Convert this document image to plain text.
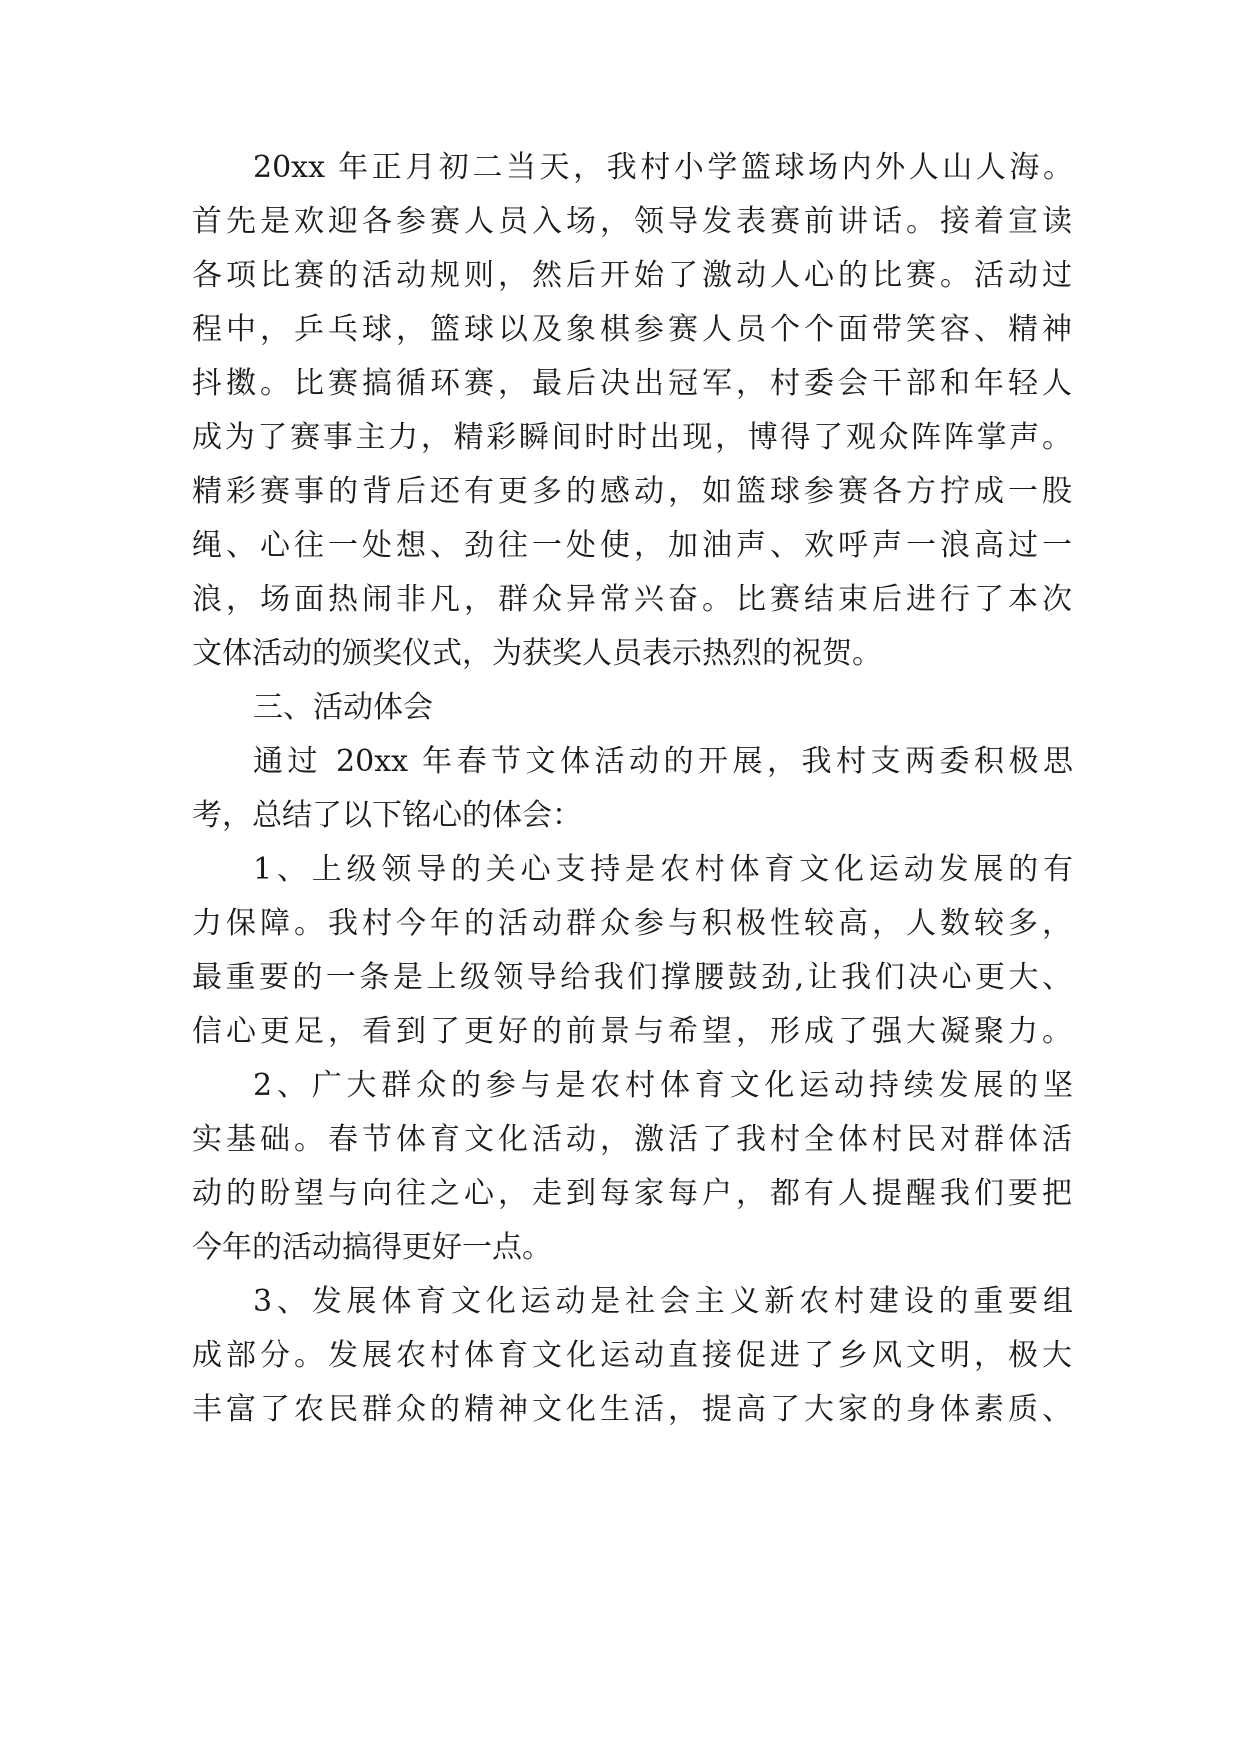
20xx 年正月初二当天，我村小学篮球场内外人山人海。
首先是欢迎各参赛人员入场，领导发表赛前讲话。接着宣读
各项比赛的活动规则，然后开始了激动人心的比赛。活动过
程中，乒乓球，篮球以及象棋参赛人员个个面带笑容、精神
抖擞。比赛搞循环赛，最后决出冠军，村委会干部和年轻人
成为了赛事主力，精彩瞬间时时出现，博得了观众阵阵掌声。
精彩赛事的背后还有更多的感动，如篮球参赛各方拧成一股
绳、心往一处想、劲往一处使，加油声、欢呼声一浪高过一
浪，场面热闹非凡，群众异常兴奋。比赛结束后进行了本次
文体活动的颁奖仪式，为获奖人员表示热烈的祝贺。
三、活动体会
通过 20xx 年春节文体活动的开展，我村支两委积极思
考，总结了以下铭心的体会：
1、上级领导的关心支持是农村体育文化运动发展的有
力保障。我村今年的活动群众参与积极性较高，人数较多，
最重要的一条是上级领导给我们撑腰鼓劲,让我们决心更大、
信心更足，看到了更好的前景与希望，形成了强大凝聚力。
2、广大群众的参与是农村体育文化运动持续发展的坚
实基础。春节体育文化活动，激活了我村全体村民对群体活
动的盼望与向往之心，走到每家每户，都有人提醒我们要把
今年的活动搞得更好一点。
3、发展体育文化运动是社会主义新农村建设的重要组
成部分。发展农村体育文化运动直接促进了乡风文明，极大
丰富了农民群众的精神文化生活，提高了大家的身体素质、
